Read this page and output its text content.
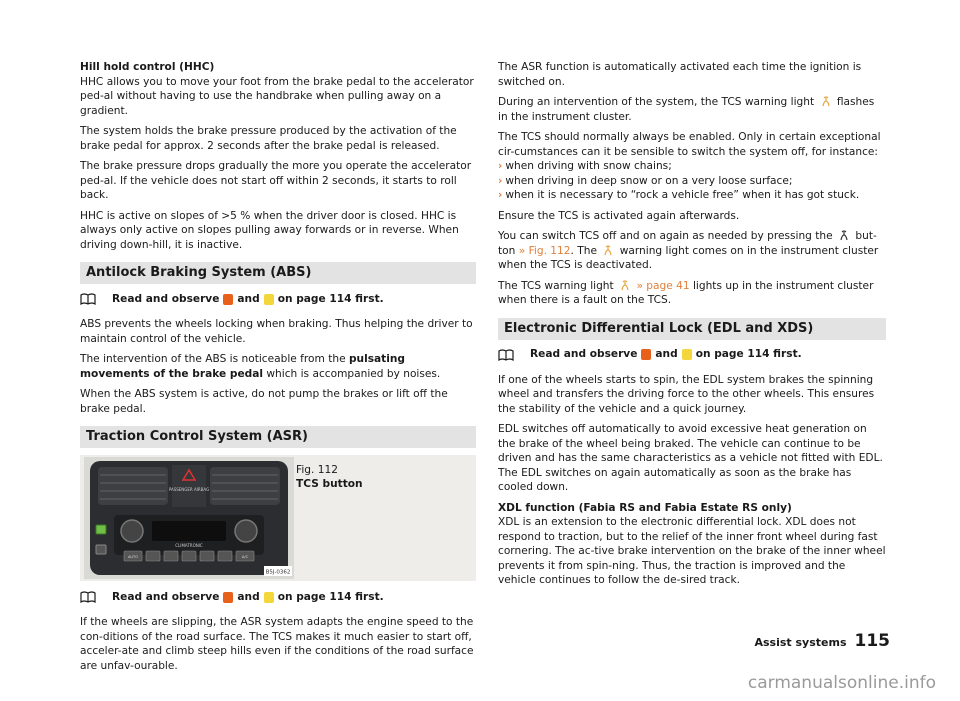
Hill hold control (HHC)
HHC allows you to move your foot from the brake pedal to the accelerator ped-al without having to use the handbrake when pulling away on a gradient.

The system holds the brake pressure produced by the activation of the brake pedal for approx. 2 seconds after the brake pedal is released.

The brake pressure drops gradually the more you operate the accelerator ped-al. If the vehicle does not start off within 2 seconds, it starts to roll back.

HHC is active on slopes of >5 % when the driver door is closed. HHC is always only active on slopes pulling away forwards or in reverse. When driving down-hill, it is inactive.

Antilock Braking System (ABS)
Read and observe and on page 114 first.

ABS prevents the wheels locking when braking. Thus helping the driver to maintain control of the vehicle.

The intervention of the ABS is noticeable from the pulsating movements of the brake pedal which is accompanied by noises.

When the ABS system is active, do not pump the brakes or lift off the brake pedal.

Traction Control System (ASR)
PASSENGER AIRBAG
CLIMATRONIC
AUTO	A/C
B5J-0362
Fig. 112
TCS button
Read and observe and on page 114 first.

If the wheels are slipping, the ASR system adapts the engine speed to the con-ditions of the road surface. The TCS makes it much easier to start off, acceler-ate and climb steep hills even if the conditions of the road surface are unfav-ourable.

The ASR function is automatically activated each time the ignition is switched on.

During an intervention of the system, the TCS warning light flashes in the instrument cluster.

The TCS should normally always be enabled. Only in certain exceptional cir-cumstances can it be sensible to switch the system off, for instance:

› when driving with snow chains;

› when driving in deep snow or on a very loose surface;

› when it is necessary to “rock a vehicle free” when it has got stuck.

Ensure the TCS is activated again afterwards.

You can switch TCS off and on again as needed by pressing the but-ton » Fig. 112. The warning light comes on in the instrument cluster when the TCS is deactivated.

The TCS warning light » page 41 lights up in the instrument cluster when there is a fault on the TCS.

Electronic Differential Lock (EDL and XDS)
Read and observe and on page 114 first.

If one of the wheels starts to spin, the EDL system brakes the spinning wheel and transfers the driving force to the other wheels. This ensures the stability of the vehicle and a quick journey.

EDL switches off automatically to avoid excessive heat generation on the brake of the wheel being braked. The vehicle can continue to be driven and has the same characteristics as a vehicle not fitted with EDL. The EDL switches on again automatically as soon as the brake has cooled down.

XDL function (Fabia RS and Fabia Estate RS only)
XDL is an extension to the electronic differential lock. XDL does not respond to traction, but to the relief of the inner front wheel during fast cornering. The ac-tive brake intervention on the brake of the inner wheel prevents it from spin-ning. Thus, the traction is improved and the vehicle continues to follow the de-sired track.

Assist systems 115
carmanualsonline.info
